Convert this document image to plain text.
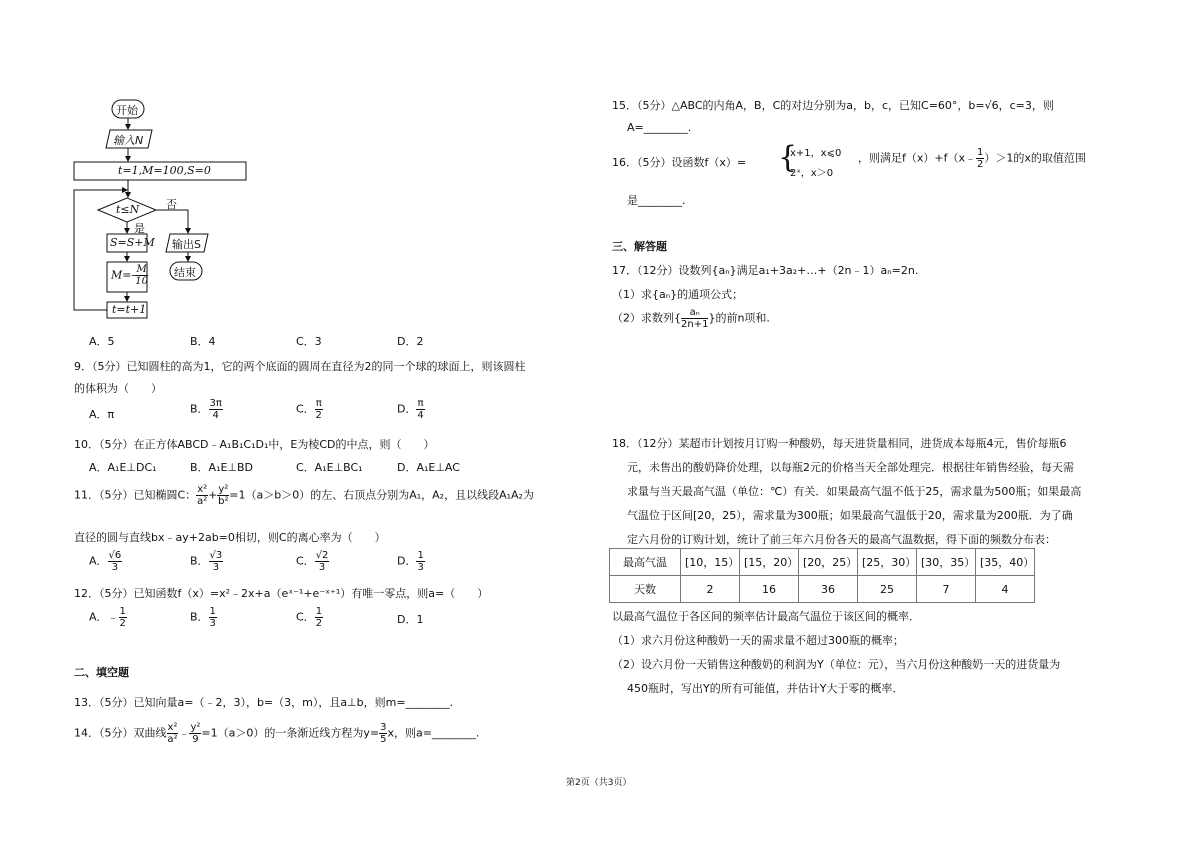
开始
输入N
t=1,M=100,S=0
t≤N 否
是
S=S+M
$M=- \frac{M}{10}$
t=t+1
输出S
结束
A．5	B．4	C．3	D．2
9．（5分）已知圆柱的高为1，它的两个底面的圆周在直径为2的同一个球的球面上，则该圆柱
的体积为（　　）
A．π	B． $\frac{3\pi}{4}$	C． $\frac{\pi}{2}$	D． $\frac{\pi}{4}$
10．（5分）在正方体ABCD﹣A₁B₁C₁D₁中，E为棱CD的中点，则（　　）
A．A₁E⊥DC₁	B．A₁E⊥BD	C．A₁E⊥BC₁	D．A₁E⊥AC
11．（5分）已知椭圆C： $\frac{\text{x²}}{\text{a²}} + \frac{\text{y²}}{\text{b²}} =1(a>b>0)$的左、右顶点分别为A₁，A₂，且以线段A₁A₂为
直径的圆与直线bx﹣ay+2ab=0相切，则C的离心率为（　　）
A． $\frac{√6}{3}$	B． $\frac{√3}{3}$	C． $\frac{√2}{3}$	D． $\frac{1}{3}$
12．（5分）已知函数f（x）=x²﹣2x+a（eˣ⁻¹+e⁻ˣ⁺¹）有唯一零点，则a=（　　）
A．﹣ $\frac{1}{2}$	B． $\frac{1}{3}$	C． $\frac{1}{2}$	D．1
二、填空题
13．（5分）已知向量a=（﹣2，3），b=（3，m），且a⊥b，则m=________.
14．（5分）双曲线 $\frac{\text{x²}}{\text{a²}}$ ﹣ $\frac{\text{y²}}{9} =1(a>0)$的一条渐近线方程为$y= \frac{3}{5}$ x，则a=________.
15．（5分）△ABC的内角A，B，C的对边分别为a，b，c，已知C=60°，b=√6，c=3，则
A=________.
16．（5分）设函数f（x）= {
x+1，x⩽0
2ˣ，x＞0
，则满足f（x）+f（x﹣ $\frac{1}{2} )>1$的x的取值范围
是________.
三、解答题
17．（12分）设数列{aₙ}满足a₁+3a₂+…+（2n﹣1）aₙ=2n.
（1）求{aₙ}的通项公式；
（2）求数列{ $\frac{\text{aₙ}}{2n+1}$ }的前n项和.
18．（12分）某超市计划按月订购一种酸奶，每天进货量相同，进货成本每瓶4元，售价每瓶6
元，未售出的酸奶降价处理，以每瓶2元的价格当天全部处理完．根据往年销售经验，每天需
求量与当天最高气温（单位：℃）有关．如果最高气温不低于25，需求量为500瓶；如果最高
气温位于区间[20，25），需求量为300瓶；如果最高气温低于20，需求量为200瓶．为了确
定六月份的订购计划，统计了前三年六月份各天的最高气温数据，得下面的频数分布表：
最高气温	[10，15）	[15，20）	[20，25）	[25，30）	[30，35）	[35，40）
天数	2	16	36	25	7	4
以最高气温位于各区间的频率估计最高气温位于该区间的概率．
（1）求六月份这种酸奶一天的需求量不超过300瓶的概率；
（2）设六月份一天销售这种酸奶的利润为Y（单位：元），当六月份这种酸奶一天的进货量为
450瓶时，写出Y的所有可能值，并估计Y大于零的概率．
第2页（共3页）
